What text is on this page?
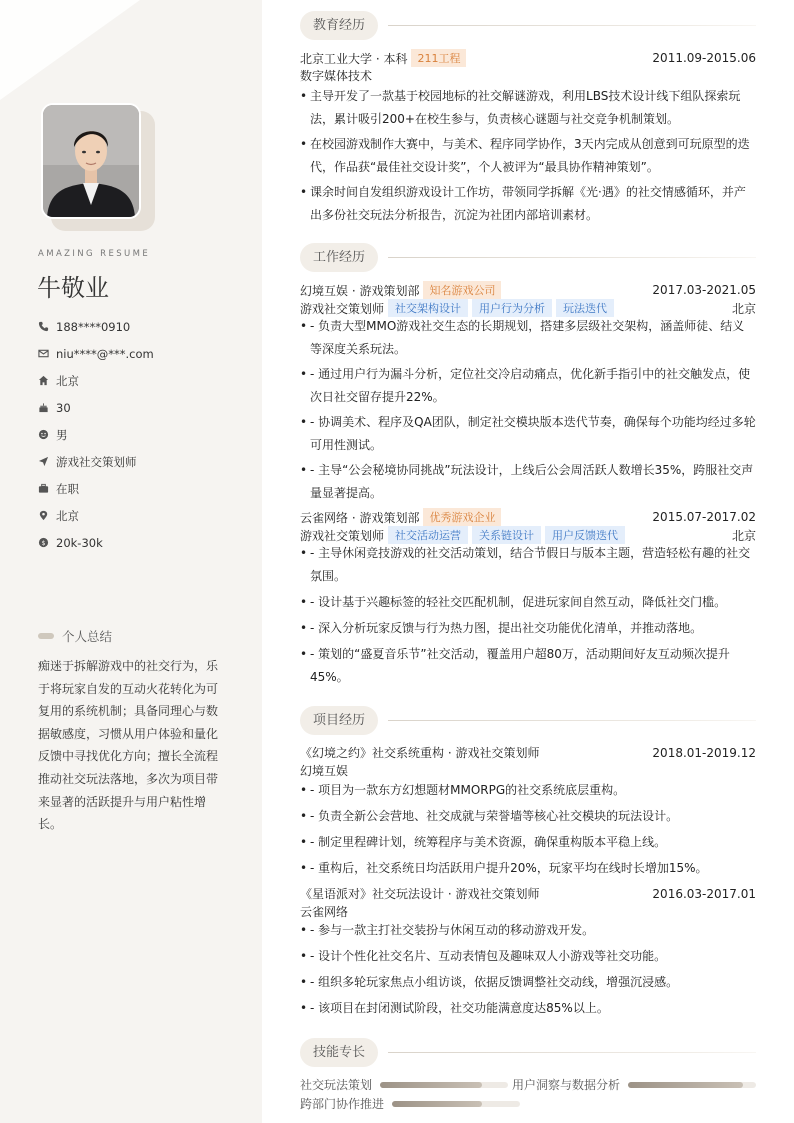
AMAZING RESUME
牛敬业
188****0910
niu****@***.com
北京
30
男
游戏社交策划师
在职
北京
$ 20k-30k
个人总结

痴迷于拆解游戏中的社交行为，乐于将玩家自发的互动火花转化为可复用的系统机制；具备同理心与数据敏感度，习惯从用户体验和量化反馈中寻找优化方向；擅长全流程推动社交玩法落地，多次为项目带来显著的活跃提升与用户粘性增长。

教育经历
北京工业大学 · 本科 211工程	2011.09-2015.06
数字媒体技术

• 主导开发了一款基于校园地标的社交解谜游戏，利用LBS技术设计线下组队探索玩法，累计吸引200+在校生参与，负责核心谜题与社交竞争机制策划。

• 在校园游戏制作大赛中，与美术、程序同学协作，3天内完成从创意到可玩原型的迭代，作品获“最佳社交设计奖”，个人被评为“最具协作精神策划”。

• 课余时间自发组织游戏设计工作坊，带领同学拆解《光·遇》的社交情感循环，并产出多份社交玩法分析报告，沉淀为社团内部培训素材。

工作经历
幻境互娱 · 游戏策划部 知名游戏公司	2017.03-2021.05
游戏社交策划师	社交架构设计	用户行为分析	玩法迭代	北京

• - 负责大型MMO游戏社交生态的长期规划，搭建多层级社交架构，涵盖师徒、结义等深度关系玩法。

• - 通过用户行为漏斗分析，定位社交冷启动痛点，优化新手指引中的社交触发点，使次日社交留存提升22%。

• - 协调美术、程序及QA团队，制定社交模块版本迭代节奏，确保每个功能均经过多轮可用性测试。

• - 主导“公会秘境协同挑战”玩法设计，上线后公会周活跃人数增长35%，跨服社交声量显著提高。

云雀网络 · 游戏策划部 优秀游戏企业	2015.07-2017.02
游戏社交策划师	社交活动运营	关系链设计	用户反馈迭代	北京

• - 主导休闲竞技游戏的社交活动策划，结合节假日与版本主题，营造轻松有趣的社交氛围。

• - 设计基于兴趣标签的轻社交匹配机制，促进玩家间自然互动，降低社交门槛。

• - 深入分析玩家反馈与行为热力图，提出社交功能优化清单，并推动落地。

• - 策划的“盛夏音乐节”社交活动，覆盖用户超80万，活动期间好友互动频次提升45%。

项目经历
《幻境之约》社交系统重构 · 游戏社交策划师	2018.01-2019.12
幻境互娱

• - 项目为一款东方幻想题材MMORPG的社交系统底层重构。

• - 负责全新公会营地、社交成就与荣誉墙等核心社交模块的玩法设计。

• - 制定里程碑计划，统筹程序与美术资源，确保重构版本平稳上线。

• - 重构后，社交系统日均活跃用户提升20%，玩家平均在线时长增加15%。

《星语派对》社交玩法设计 · 游戏社交策划师	2016.03-2017.01
云雀网络

• - 参与一款主打社交装扮与休闲互动的移动游戏开发。

• - 设计个性化社交名片、互动表情包及趣味双人小游戏等社交功能。

• - 组织多轮玩家焦点小组访谈，依据反馈调整社交动线，增强沉浸感。

• - 该项目在封闭测试阶段，社交功能满意度达85%以上。

技能专长
社交玩法策划	用户洞察与数据分析
跨部门协作推进
